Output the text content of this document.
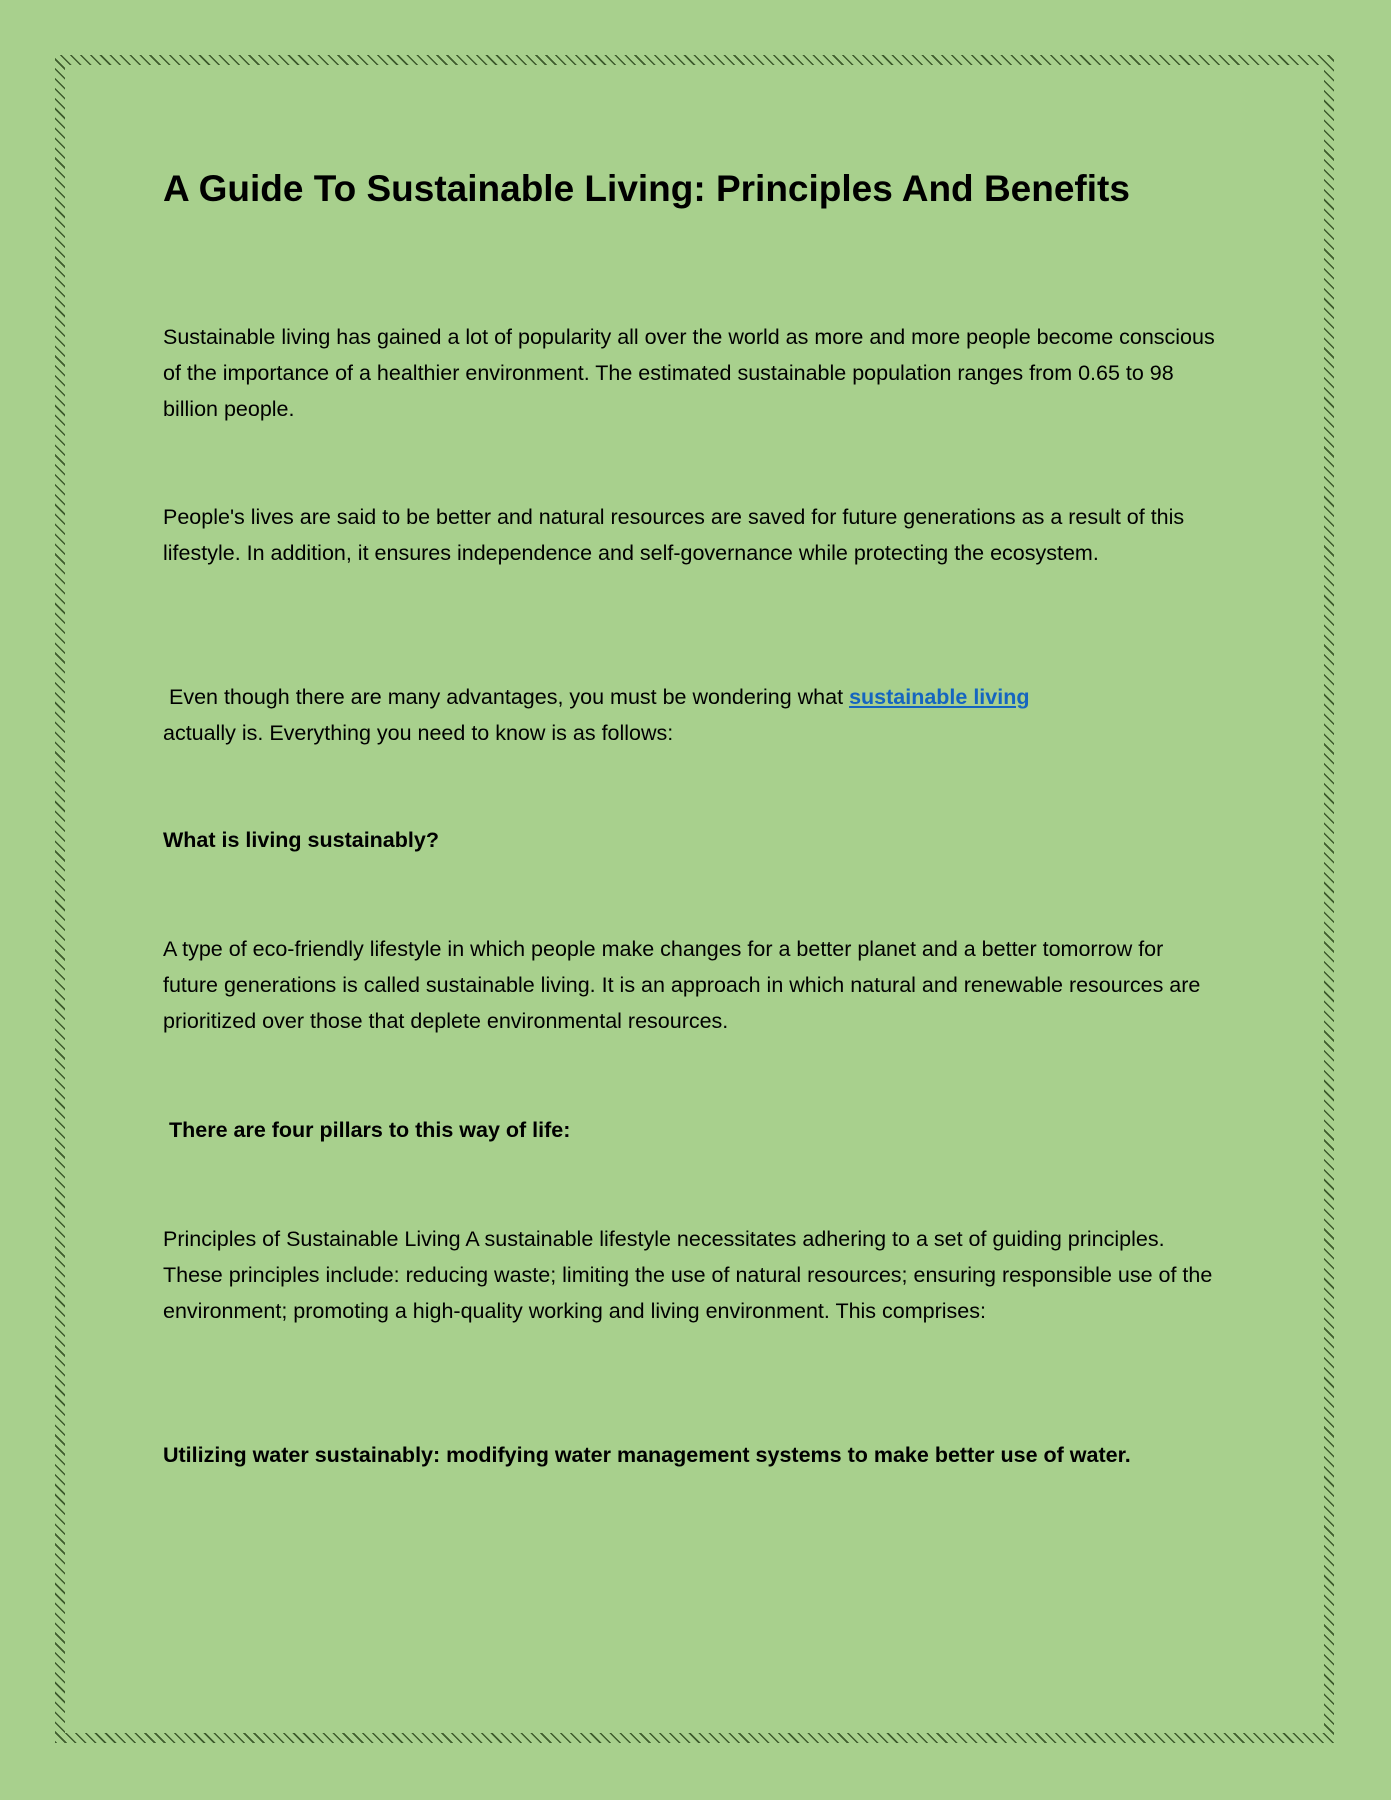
A Guide To Sustainable Living: Principles And Benefits
Sustainable living has gained a lot of popularity all over the world as more and more people become conscious of the importance of a healthier environment. The estimated sustainable population ranges from 0.65 to 98 billion people.
People's lives are said to be better and natural resources are saved for future generations as a result of this lifestyle. In addition, it ensures independence and self-governance while protecting the ecosystem.
Even though there are many advantages, you must be wondering what sustainable living
actually is. Everything you need to know is as follows:
What is living sustainably?
A type of eco-friendly lifestyle in which people make changes for a better planet and a better tomorrow for future generations is called sustainable living. It is an approach in which natural and renewable resources are prioritized over those that deplete environmental resources.
There are four pillars to this way of life:
Principles of Sustainable Living A sustainable lifestyle necessitates adhering to a set of guiding principles. These principles include: reducing waste; limiting the use of natural resources; ensuring responsible use of the environment; promoting a high-quality working and living environment. This comprises:
Utilizing water sustainably: modifying water management systems to make better use of water.
